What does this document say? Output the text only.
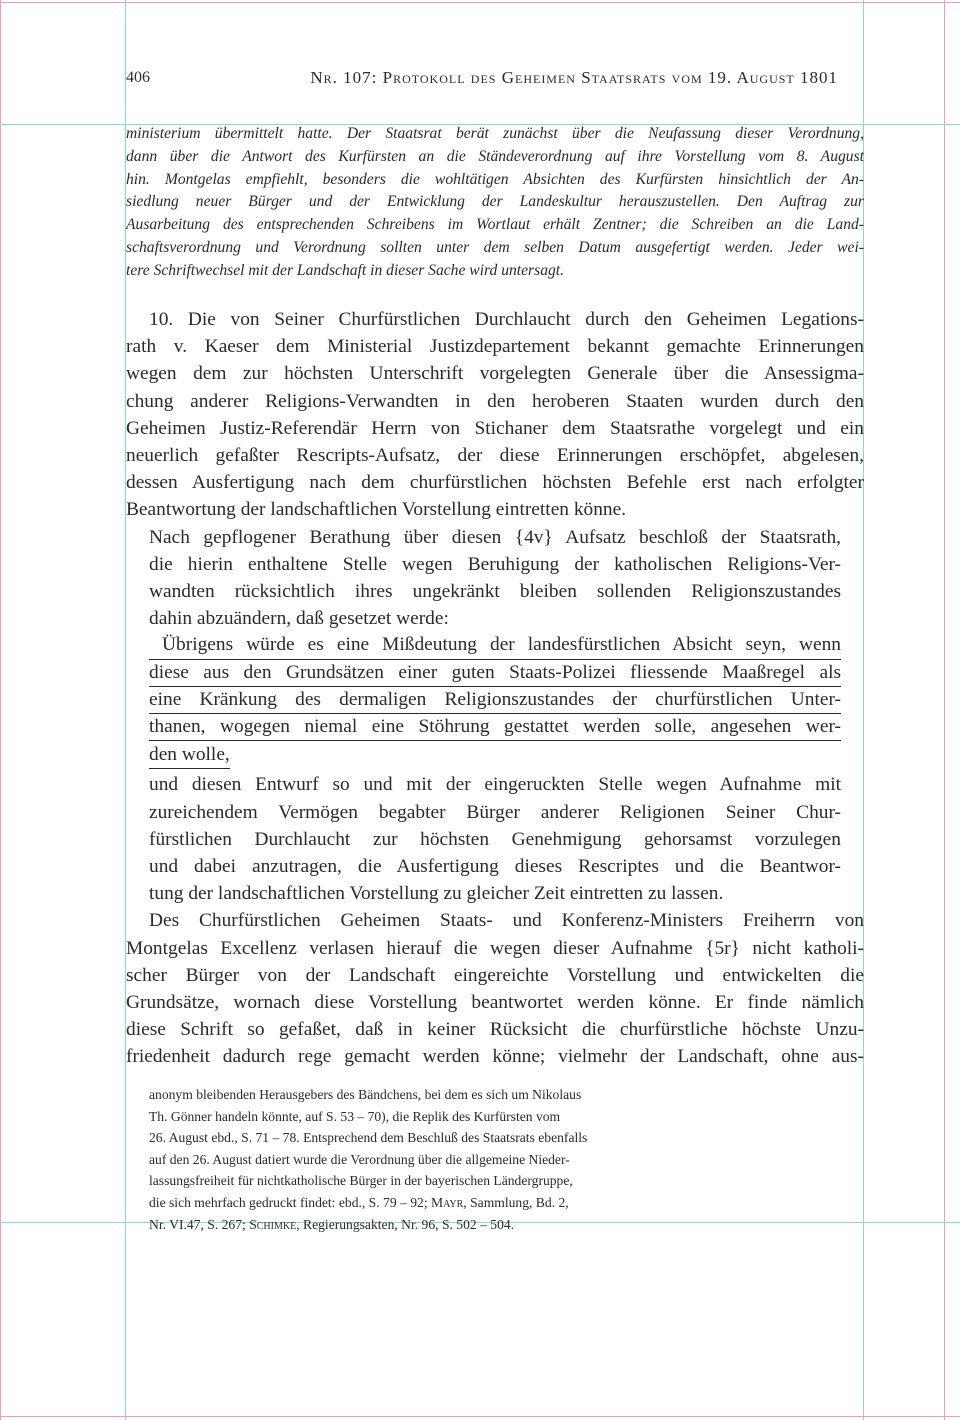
406	Nr. 107: Protokoll des Geheimen Staatsrats vom 19. August 1801
ministerium übermittelt hatte. Der Staatsrat berät zunächst über die Neufassung dieser Verordnung,
dann über die Antwort des Kurfürsten an die Ständeverordnung auf ihre Vorstellung vom 8. August
hin. Montgelas empfiehlt, besonders die wohltätigen Absichten des Kurfürsten hinsichtlich der An-
siedlung neuer Bürger und der Entwicklung der Landeskultur herauszustellen. Den Auftrag zur
Ausarbeitung des entsprechenden Schreibens im Wortlaut erhält Zentner; die Schreiben an die Land-
schaftsverordnung und Verordnung sollten unter dem selben Datum ausgefertigt werden. Jeder wei-
tere Schriftwechsel mit der Landschaft in dieser Sache wird untersagt.
10. Die von Seiner Churfürstlichen Durchlaucht durch den Geheimen Legations-
rath v. Kaeser dem Ministerial Justizdepartement bekannt gemachte Erinnerungen
wegen dem zur höchsten Unterschrift vorgelegten Generale über die Ansessigma-
chung anderer Religions-Verwandten in den heroberen Staaten wurden durch den
Geheimen Justiz-Referendär Herrn von Stichaner dem Staatsrathe vorgelegt und ein
neuerlich gefaßter Rescripts-Aufsatz, der diese Erinnerungen erschöpfet, abgelesen,
dessen Ausfertigung nach dem churfürstlichen höchsten Befehle erst nach erfolgter
Beantwortung der landschaftlichen Vorstellung eintretten könne.
Nach gepflogener Berathung über diesen {4v} Aufsatz beschloß der Staatsrath,
die hierin enthaltene Stelle wegen Beruhigung der katholischen Religions-Ver-
wandten rücksichtlich ihres ungekränkt bleiben sollenden Religionszustandes
dahin abzuändern, daß gesetzet werde:
Übrigens würde es eine Mißdeutung der landesfürstlichen Absicht seyn, wenn
diese aus den Grundsätzen einer guten Staats-Polizei fliessende Maaßregel als
eine Kränkung des dermaligen Religionszustandes der churfürstlichen Unter-
thanen, wogegen niemal eine Stöhrung gestattet werden solle, angesehen wer-
den wolle,
und diesen Entwurf so und mit der eingeruckten Stelle wegen Aufnahme mit
zureichendem Vermögen begabter Bürger anderer Religionen Seiner Chur-
fürstlichen Durchlaucht zur höchsten Genehmigung gehorsamst vorzulegen
und dabei anzutragen, die Ausfertigung dieses Rescriptes und die Beantwor-
tung der landschaftlichen Vorstellung zu gleicher Zeit eintretten zu lassen.
Des Churfürstlichen Geheimen Staats- und Konferenz-Ministers Freiherrn von
Montgelas Excellenz verlasen hierauf die wegen dieser Aufnahme {5r} nicht katholi-
scher Bürger von der Landschaft eingereichte Vorstellung und entwickelten die
Grundsätze, wornach diese Vorstellung beantwortet werden könne. Er finde nämlich
diese Schrift so gefaßet, daß in keiner Rücksicht die churfürstliche höchste Unzu-
friedenheit dadurch rege gemacht werden könne; vielmehr der Landschaft, ohne aus-
anonym bleibenden Herausgebers des Bändchens, bei dem es sich um Nikolaus
Th. Gönner handeln könnte, auf S. 53 – 70), die Replik des Kurfürsten vom
26. August ebd., S. 71 – 78. Entsprechend dem Beschluß des Staatsrats ebenfalls
auf den 26. August datiert wurde die Verordnung über die allgemeine Nieder-
lassungsfreiheit für nichtkatholische Bürger in der bayerischen Ländergruppe,
die sich mehrfach gedruckt findet: ebd., S. 79 – 92; Mayr, Sammlung, Bd. 2,
Nr. VI.47, S. 267; Schimke, Regierungsakten, Nr. 96, S. 502 – 504.
